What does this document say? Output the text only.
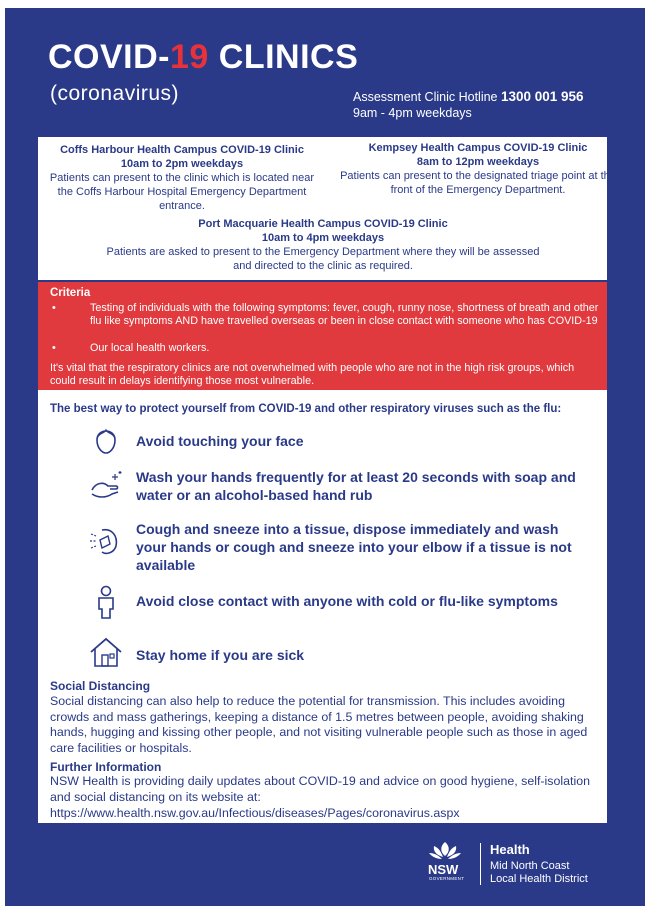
COVID-19 CLINICS
(coronavirus)	Assessment Clinic Hotline 1300 001 956
9am - 4pm weekdays
Coffs Harbour Health Campus COVID-19 Clinic
10am to 2pm weekdays
Patients can present to the clinic which is located near the Coffs Harbour Hospital Emergency Department entrance.
Kempsey Health Campus COVID-19 Clinic
8am to 12pm weekdays
Patients can present to the designated triage point at the front of the Emergency Department.
Port Macquarie Health Campus COVID-19 Clinic
10am to 4pm weekdays
Patients are asked to present to the Emergency Department where they will be assessed and directed to the clinic as required.
Criteria
•	Testing of individuals with the following symptoms: fever, cough, runny nose, shortness of breath and other flu like symptoms AND have travelled overseas or been in close contact with someone who has COVID-19
•	Our local health workers.
It's vital that the respiratory clinics are not overwhelmed with people who are not in the high risk groups, which could result in delays identifying those most vulnerable.
The best way to protect yourself from COVID-19 and other respiratory viruses such as the flu:
Avoid touching your face
Wash your hands frequently for at least 20 seconds with soap and water or an alcohol-based hand rub
Cough and sneeze into a tissue, dispose immediately and wash your hands or cough and sneeze into your elbow if a tissue is not available
Avoid close contact with anyone with cold or flu-like symptoms
Stay home if you are sick
Social Distancing
Social distancing can also help to reduce the potential for transmission. This includes avoiding crowds and mass gatherings, keeping a distance of 1.5 metres between people, avoiding shaking hands, hugging and kissing other people, and not visiting vulnerable people such as those in aged care facilities or hospitals.
Further Information
NSW Health is providing daily updates about COVID-19 and advice on good hygiene, self-isolation and social distancing on its website at:
https://www.health.nsw.gov.au/Infectious/diseases/Pages/coronavirus.aspx
NSW
GOVERNMENT
Health
Mid North Coast
Local Health District
